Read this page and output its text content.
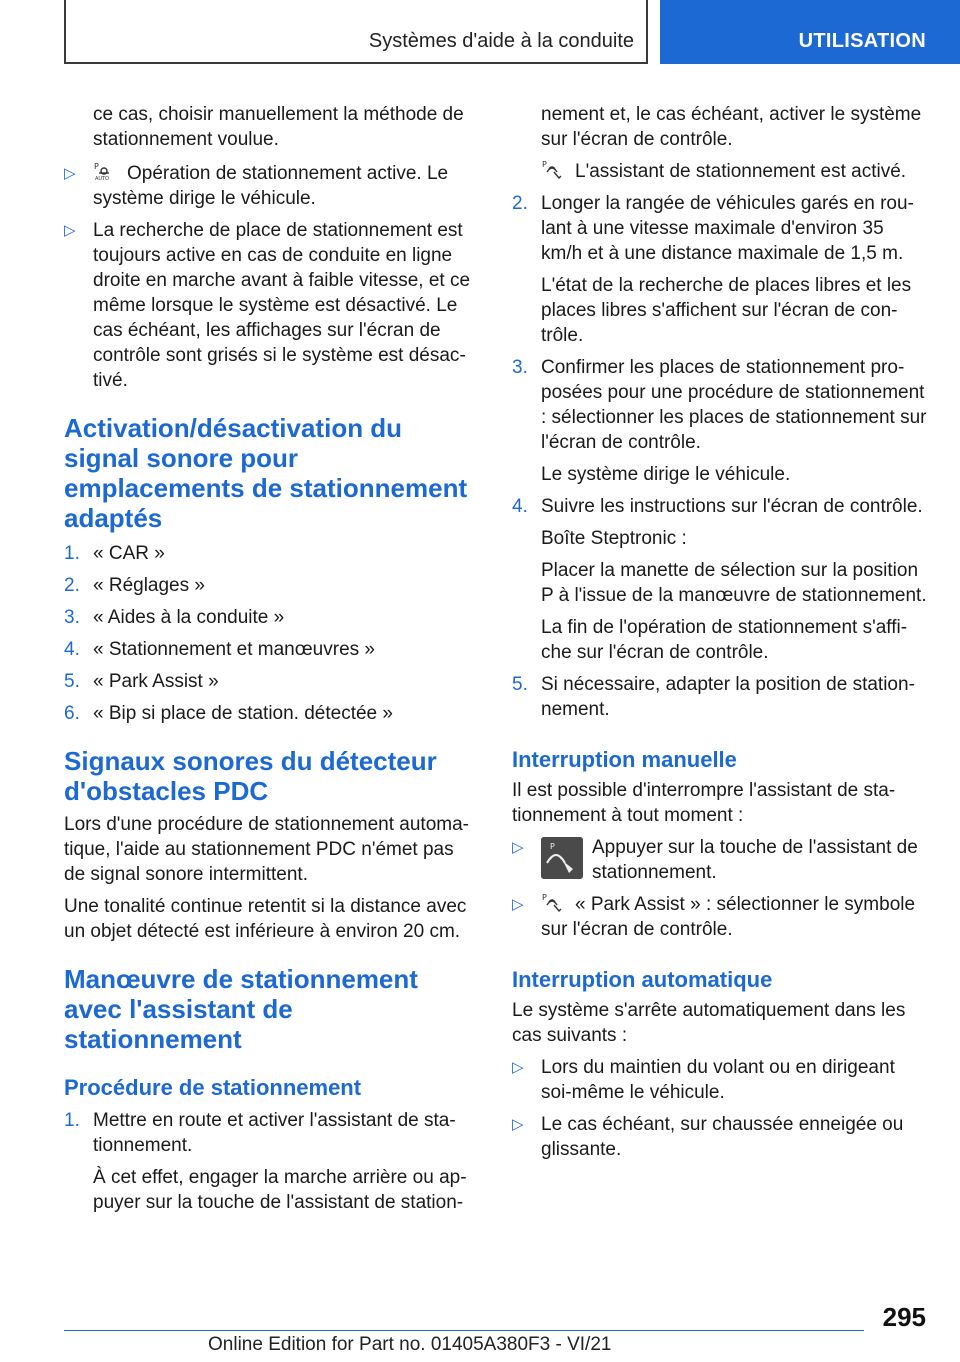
Systèmes d'aide à la conduite	UTILISATION

ce cas, choisir manuellement la méthode de stationnement voulue.

▷ P
AUTO Opération de stationnement active. Le système dirige le véhicule.
▷ La recherche de place de stationnement est toujours active en cas de conduite en ligne droite en marche avant à faible vitesse, et ce même lorsque le système est désactivé. Le cas échéant, les affichages sur l'écran de contrôle sont grisés si le système est désactivé.
Activation/désactivation du signal sonore pour emplacements de stationnement adaptés
1. « CAR »
2. « Réglages »
3. « Aides à la conduite »
4. « Stationnement et manœuvres »
5. « Park Assist »
6. « Bip si place de station. détectée »
Signaux sonores du détecteur d'obstacles PDC

Lors d'une procédure de stationnement automatique, l'aide au stationnement PDC n'émet pas de signal sonore intermittent.

Une tonalité continue retentit si la distance avec un objet détecté est inférieure à environ 20 cm.

Manœuvre de stationnement avec l'assistant de stationnement
Procédure de stationnement
1. Mettre en route et activer l'assistant de stationnement.

À cet effet, engager la marche arrière ou appuyer sur la touche de l'assistant de station-

nement et, le cas échéant, activer le système sur l'écran de contrôle.

P L'assistant de stationnement est activé.

2. Longer la rangée de véhicules garés en roulant à une vitesse maximale d'environ 35 km/h et à une distance maximale de 1,5 m.

L'état de la recherche de places libres et les places libres s'affichent sur l'écran de contrôle.

3. Confirmer les places de stationnement proposées pour une procédure de stationnement : sélectionner les places de stationnement sur l'écran de contrôle.

Le système dirige le véhicule.

4. Suivre les instructions sur l'écran de contrôle.

Boîte Steptronic :

Placer la manette de sélection sur la position P à l'issue de la manœuvre de stationnement.

La fin de l'opération de stationnement s'affiche sur l'écran de contrôle.

5. Si nécessaire, adapter la position de stationnement.
Interruption manuelle

Il est possible d'interrompre l'assistant de stationnement à tout moment :

▷	P Appuyer sur la touche de l'assistant de stationnement.
▷ P « Park Assist » : sélectionner le symbole sur l'écran de contrôle.
Interruption automatique

Le système s'arrête automatiquement dans les cas suivants :

▷ Lors du maintien du volant ou en dirigeant soi-même le véhicule.
▷ Le cas échéant, sur chaussée enneigée ou glissante.
295
Online Edition for Part no. 01405A380F3 - VI/21
